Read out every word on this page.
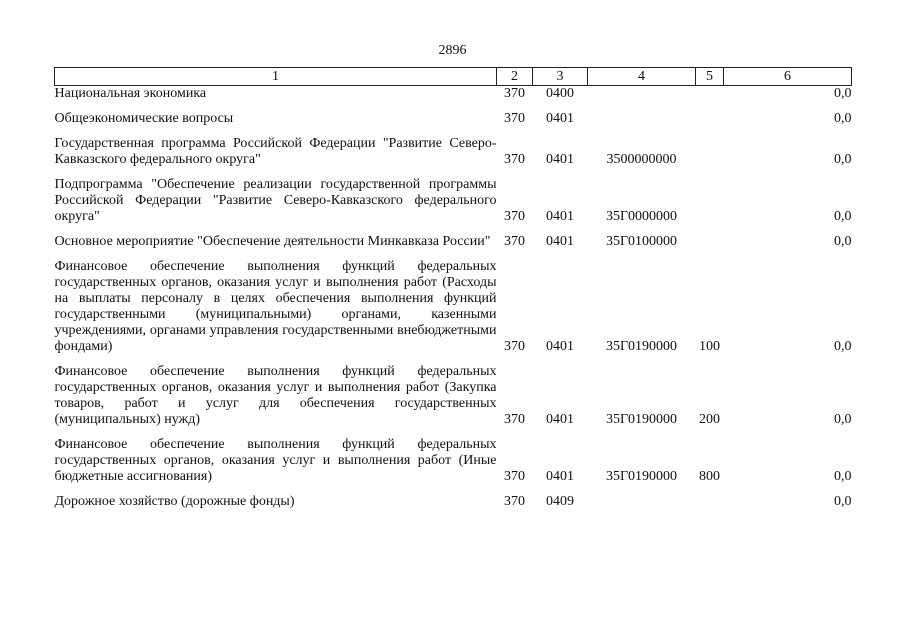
2896
1	2	3	4	5	6
Национальная экономика	370	0400			0,0

Общеэкономические вопросы	370	0401			0,0

Государственная программа Российской Федерации "Развитие Северо-Кавказского федерального округа"	370	0401	3500000000		0,0

Подпрограмма "Обеспечение реализации государственной программы Российской Федерации "Развитие Северо-Кавказского федерального округа"	370	0401	35Г0000000		0,0

Основное мероприятие "Обеспечение деятельности Минкавказа России"	370	0401	35Г0100000		0,0

Финансовое обеспечение выполнения функций федеральных государственных органов, оказания услуг и выполнения работ (Расходы на выплаты персоналу в целях обеспечения выполнения функций государственными (муниципальными) органами, казенными учреждениями, органами управления государственными внебюджетными фондами)	370	0401	35Г0190000	100	0,0

Финансовое обеспечение выполнения функций федеральных государственных органов, оказания услуг и выполнения работ (Закупка товаров, работ и услуг для обеспечения государственных (муниципальных) нужд)	370	0401	35Г0190000	200	0,0

Финансовое обеспечение выполнения функций федеральных государственных органов, оказания услуг и выполнения работ (Иные бюджетные ассигнования)	370	0401	35Г0190000	800	0,0

Дорожное хозяйство (дорожные фонды)	370	0409			0,0
